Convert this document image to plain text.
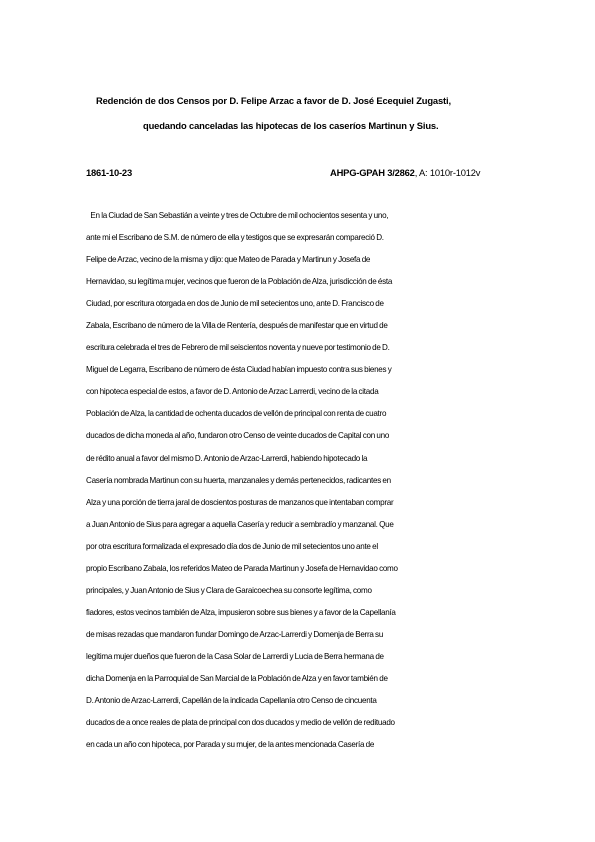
Redención de dos Censos por D. Felipe Arzac a favor de D. José Ecequiel Zugasti,
quedando canceladas las hipotecas de los caseríos Martinun y Sius.
1861-10-23	AHPG-GPAH 3/2862, A: 1010r-1012v
En la Ciudad de San Sebastián a veinte y tres de Octubre de mil ochocientos sesenta y uno,
ante mi el Escribano de S.M. de número de ella y testigos que se expresarán compareció D.
Felipe de Arzac, vecino de la misma y dijo: que Mateo de Parada y Martinun y Josefa de
Hernavidao, su legítima mujer, vecinos que fueron de la Población de Alza, jurisdicción de ésta
Ciudad, por escritura otorgada en dos de Junio de mil setecientos uno, ante D. Francisco de
Zabala, Escribano de número de la Villa de Rentería, después de manifestar que en virtud de
escritura celebrada el tres de Febrero de mil seiscientos noventa y nueve por testimonio de D.
Miguel de Legarra, Escribano de número de ésta Ciudad habían impuesto contra sus bienes y
con hipoteca especial de estos, a favor de D. Antonio de Arzac Larrerdi, vecino de la citada
Población de Alza, la cantidad de ochenta ducados de vellón de principal con renta de cuatro
ducados de dicha moneda al año, fundaron otro Censo de veinte ducados de Capital con uno
de rédito anual a favor del mismo D. Antonio de Arzac-Larrerdi, habiendo hipotecado la
Casería nombrada Martinun con su huerta, manzanales y demás pertenecidos, radicantes en
Alza y una porción de tierra jaral de doscientos posturas de manzanos que intentaban comprar
a Juan Antonio de Sius para agregar a aquella Casería y reducir a sembradío y manzanal. Que
por otra escritura formalizada el expresado día dos de Junio de mil setecientos uno ante el
propio Escribano Zabala, los referidos Mateo de Parada Martinun y Josefa de Hernavidao como
principales, y Juan Antonio de Sius y Clara de Garaicoechea su consorte legítima, como
fiadores, estos vecinos también de Alza, impusieron sobre sus bienes y a favor de la Capellanía
de misas rezadas que mandaron fundar Domingo de Arzac-Larrerdi y Domenja de Berra su
legítima mujer dueños que fueron de la Casa Solar de Larrerdi y Lucia de Berra hermana de
dicha Domenja en la Parroquial de San Marcial de la Población de Alza y en favor también de
D. Antonio de Arzac-Larrerdi, Capellán de la indicada Capellanía otro Censo de cincuenta
ducados de a once reales de plata de principal con dos ducados y medio de vellón de redituado
en cada un año con hipoteca, por Parada y su mujer, de la antes mencionada Casería de
